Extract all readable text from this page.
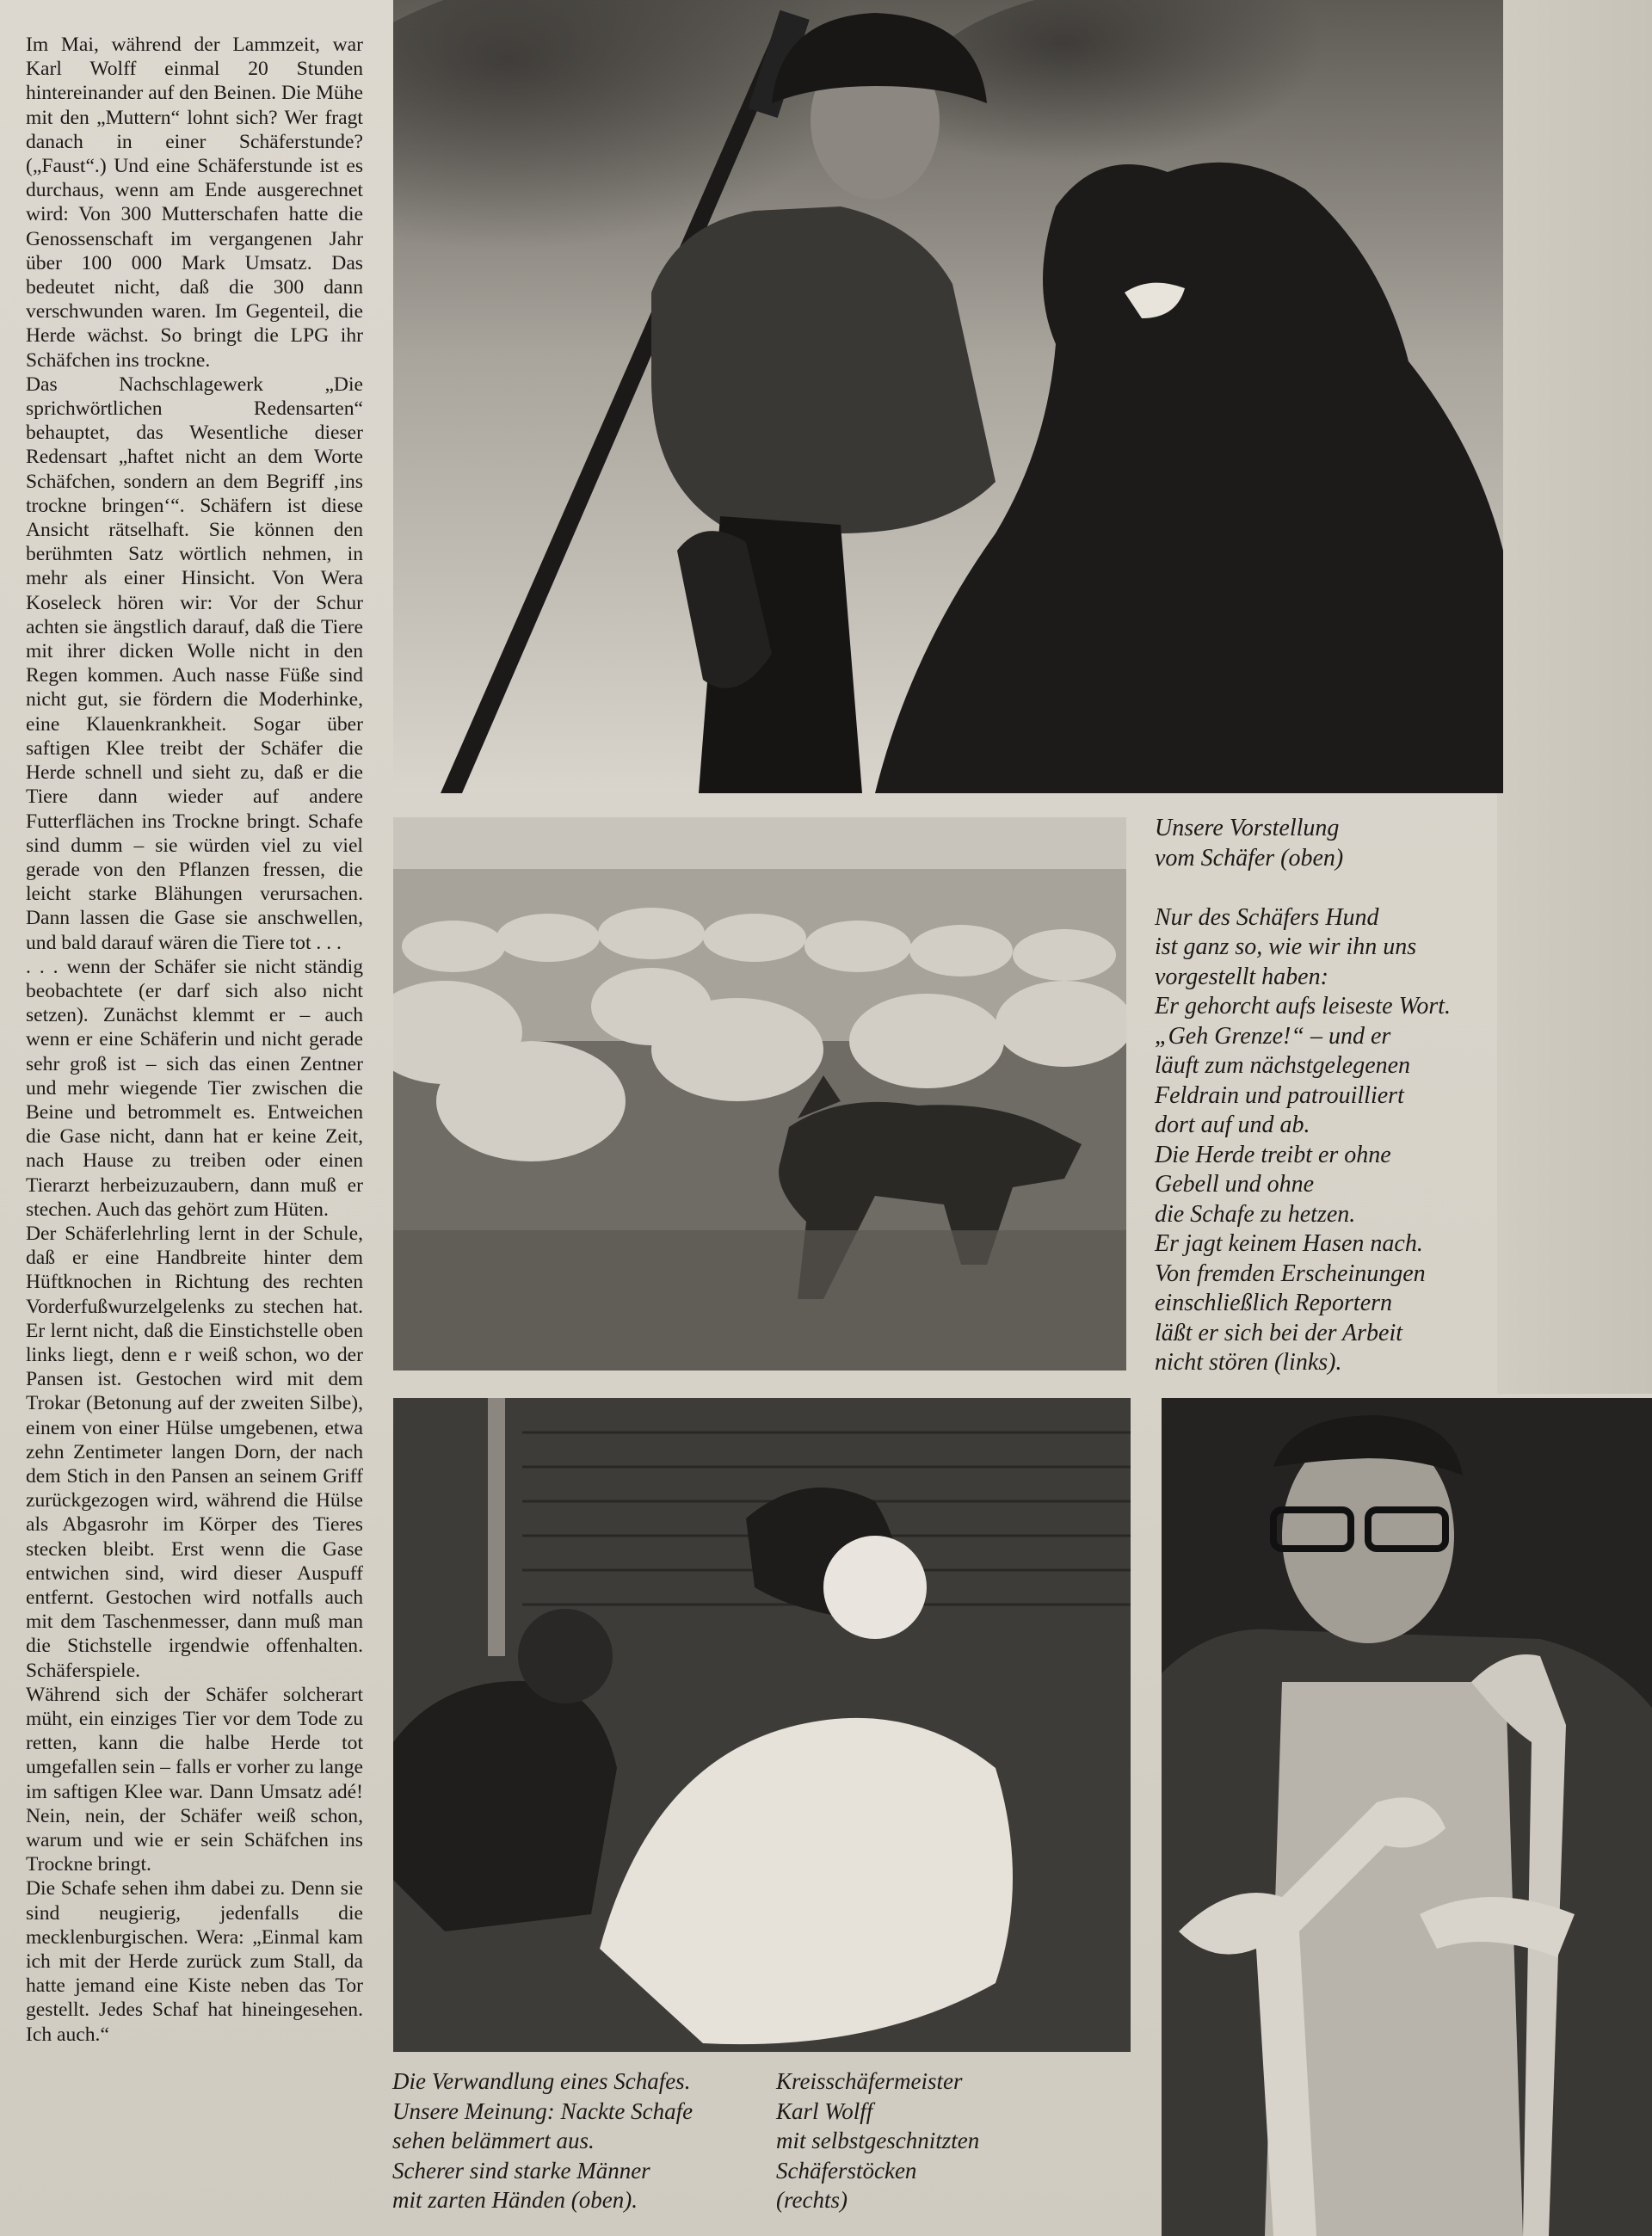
Im Mai, während der Lammzeit, war Karl Wolff einmal 20 Stunden hintereinander auf den Beinen. Die Mühe mit den „Muttern“ lohnt sich? Wer fragt danach in einer Schäferstunde? („Faust“.) Und eine Schäferstunde ist es durchaus, wenn am Ende ausgerechnet wird: Von 300 Mutterschafen hatte die Genossenschaft im vergangenen Jahr über 100 000 Mark Umsatz. Das bedeutet nicht, daß die 300 dann verschwunden waren. Im Gegenteil, die Herde wächst. So bringt die LPG ihr Schäfchen ins trockne.

Das Nachschlagewerk „Die sprichwörtlichen Redensarten“ behauptet, das Wesentliche dieser Redensart „haftet nicht an dem Worte Schäfchen, sondern an dem Begriff ‚ins trockne bringen‘“. Schäfern ist diese Ansicht rätselhaft. Sie können den berühmten Satz wörtlich nehmen, in mehr als einer Hinsicht. Von Wera Koseleck hören wir: Vor der Schur achten sie ängstlich darauf, daß die Tiere mit ihrer dicken Wolle nicht in den Regen kommen. Auch nasse Füße sind nicht gut, sie fördern die Moderhinke, eine Klauenkrankheit. Sogar über saftigen Klee treibt der Schäfer die Herde schnell und sieht zu, daß er die Tiere dann wieder auf andere Futterflächen ins Trockne bringt. Schafe sind dumm – sie würden viel zu viel gerade von den Pflanzen fressen, die leicht starke Blähungen verursachen. Dann lassen die Gase sie anschwellen, und bald darauf wären die Tiere tot . . .

. . . wenn der Schäfer sie nicht ständig beobachtete (er darf sich also nicht setzen). Zunächst klemmt er – auch wenn er eine Schäferin und nicht gerade sehr groß ist – sich das einen Zentner und mehr wiegende Tier zwischen die Beine und betrommelt es. Entweichen die Gase nicht, dann hat er keine Zeit, nach Hause zu treiben oder einen Tierarzt herbeizuzaubern, dann muß er stechen. Auch das gehört zum Hüten.

Der Schäferlehrling lernt in der Schule, daß er eine Handbreite hinter dem Hüftknochen in Richtung des rechten Vorderfußwurzelgelenks zu stechen hat. Er lernt nicht, daß die Einstichstelle oben links liegt, denn e r weiß schon, wo der Pansen ist. Gestochen wird mit dem Trokar (Betonung auf der zweiten Silbe), einem von einer Hülse umgebenen, etwa zehn Zentimeter langen Dorn, der nach dem Stich in den Pansen an seinem Griff zurückgezogen wird, während die Hülse als Abgasrohr im Körper des Tieres stecken bleibt. Erst wenn die Gase entwichen sind, wird dieser Auspuff entfernt. Gestochen wird notfalls auch mit dem Taschenmesser, dann muß man die Stichstelle irgendwie offenhalten. Schäferspiele.

Während sich der Schäfer solcherart müht, ein einziges Tier vor dem Tode zu retten, kann die halbe Herde tot umgefallen sein – falls er vorher zu lange im saftigen Klee war. Dann Umsatz adé! Nein, nein, der Schäfer weiß schon, warum und wie er sein Schäfchen ins Trockne bringt.

Die Schafe sehen ihm dabei zu. Denn sie sind neugierig, jedenfalls die mecklenburgischen. Wera: „Einmal kam ich mit der Herde zurück zum Stall, da hatte jemand eine Kiste neben das Tor gestellt. Jedes Schaf hat hineingesehen. Ich auch.“

Unsere Vorstellung
vom Schäfer (oben)

Nur des Schäfers Hund
ist ganz so, wie wir ihn uns
vorgestellt haben:
Er gehorcht aufs leiseste Wort.
„Geh Grenze!“ – und er
läuft zum nächstgelegenen
Feldrain und patrouilliert
dort auf und ab.
Die Herde treibt er ohne
Gebell und ohne
die Schafe zu hetzen.
Er jagt keinem Hasen nach.
Von fremden Erscheinungen
einschließlich Reportern
läßt er sich bei der Arbeit
nicht stören (links).
Die Verwandlung eines Schafes.
Unsere Meinung: Nackte Schafe
sehen belämmert aus.
Scherer sind starke Männer
mit zarten Händen (oben).
Kreisschäfermeister
Karl Wolff
mit selbstgeschnitzten
Schäferstöcken
(rechts)
